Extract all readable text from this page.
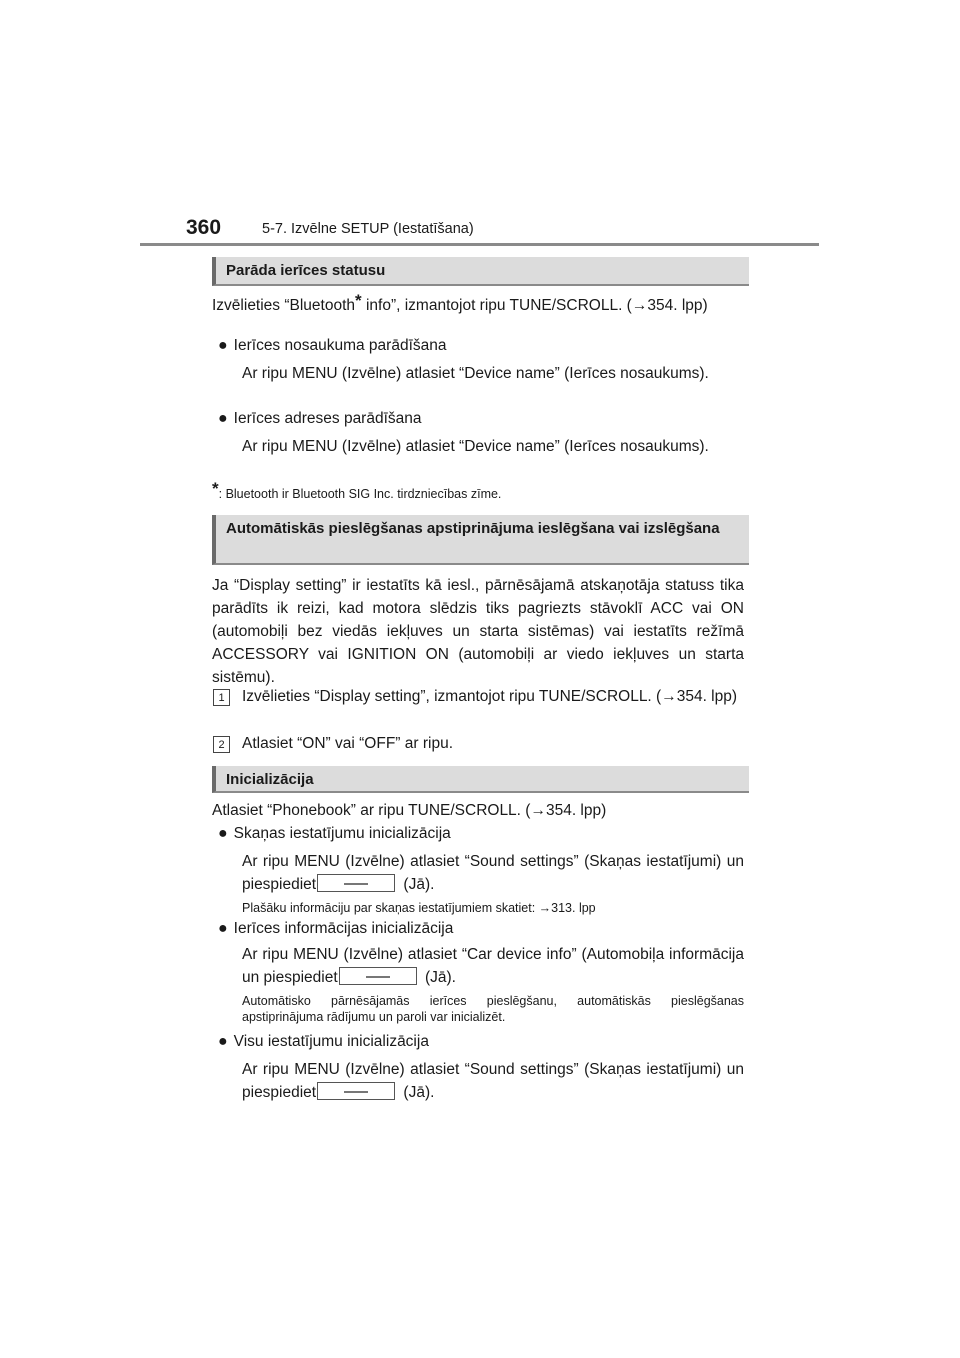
360	5-7. Izvēlne SETUP (Iestatīšana)
Parāda ierīces statusu
Izvēlieties “Bluetooth* info”, izmantojot ripu TUNE/SCROLL. (→354. lpp)
● Ierīces nosaukuma parādīšana
Ar ripu MENU (Izvēlne) atlasiet “Device name” (Ierīces nosaukums).
● Ierīces adreses parādīšana
Ar ripu MENU (Izvēlne) atlasiet “Device name” (Ierīces nosaukums).
*: Bluetooth ir Bluetooth SIG Inc. tirdzniecības zīme.
Automātiskās pieslēgšanas apstiprinājuma ieslēgšana vai izslēgšana
Ja “Display setting” ir iestatīts kā iesl., pārnēsājamā atskaņotāja statuss tika parādīts ik reizi, kad motora slēdzis tiks pagriezts stāvoklī ACC vai ON (automobiļi bez viedās iekļuves un starta sistēmas) vai iestatīts režīmā ACCESSORY vai IGNITION ON (automobiļi ar viedo iekļuves un starta sistēmu).
1	Izvēlieties “Display setting”, izmantojot ripu TUNE/SCROLL. (→354. lpp)
2	Atlasiet “ON” vai “OFF” ar ripu.
Inicializācija
Atlasiet “Phonebook” ar ripu TUNE/SCROLL. (→354. lpp)
● Skaņas iestatījumu inicializācija
Ar ripu MENU (Izvēlne) atlasiet “Sound settings” (Skaņas iestatījumi) un piespiediet	(Jā).
Plašāku informāciju par skaņas iestatījumiem skatiet: →313. lpp
● Ierīces informācijas inicializācija
Ar ripu MENU (Izvēlne) atlasiet “Car device info” (Automobiļa informācija un piespiediet	(Jā).
Automātisko pārnēsājamās ierīces pieslēgšanu, automātiskās pieslēgšanas apstiprinājuma rādījumu un paroli var inicializēt.
● Visu iestatījumu inicializācija
Ar ripu MENU (Izvēlne) atlasiet “Sound settings” (Skaņas iestatījumi) un piespiediet	(Jā).
